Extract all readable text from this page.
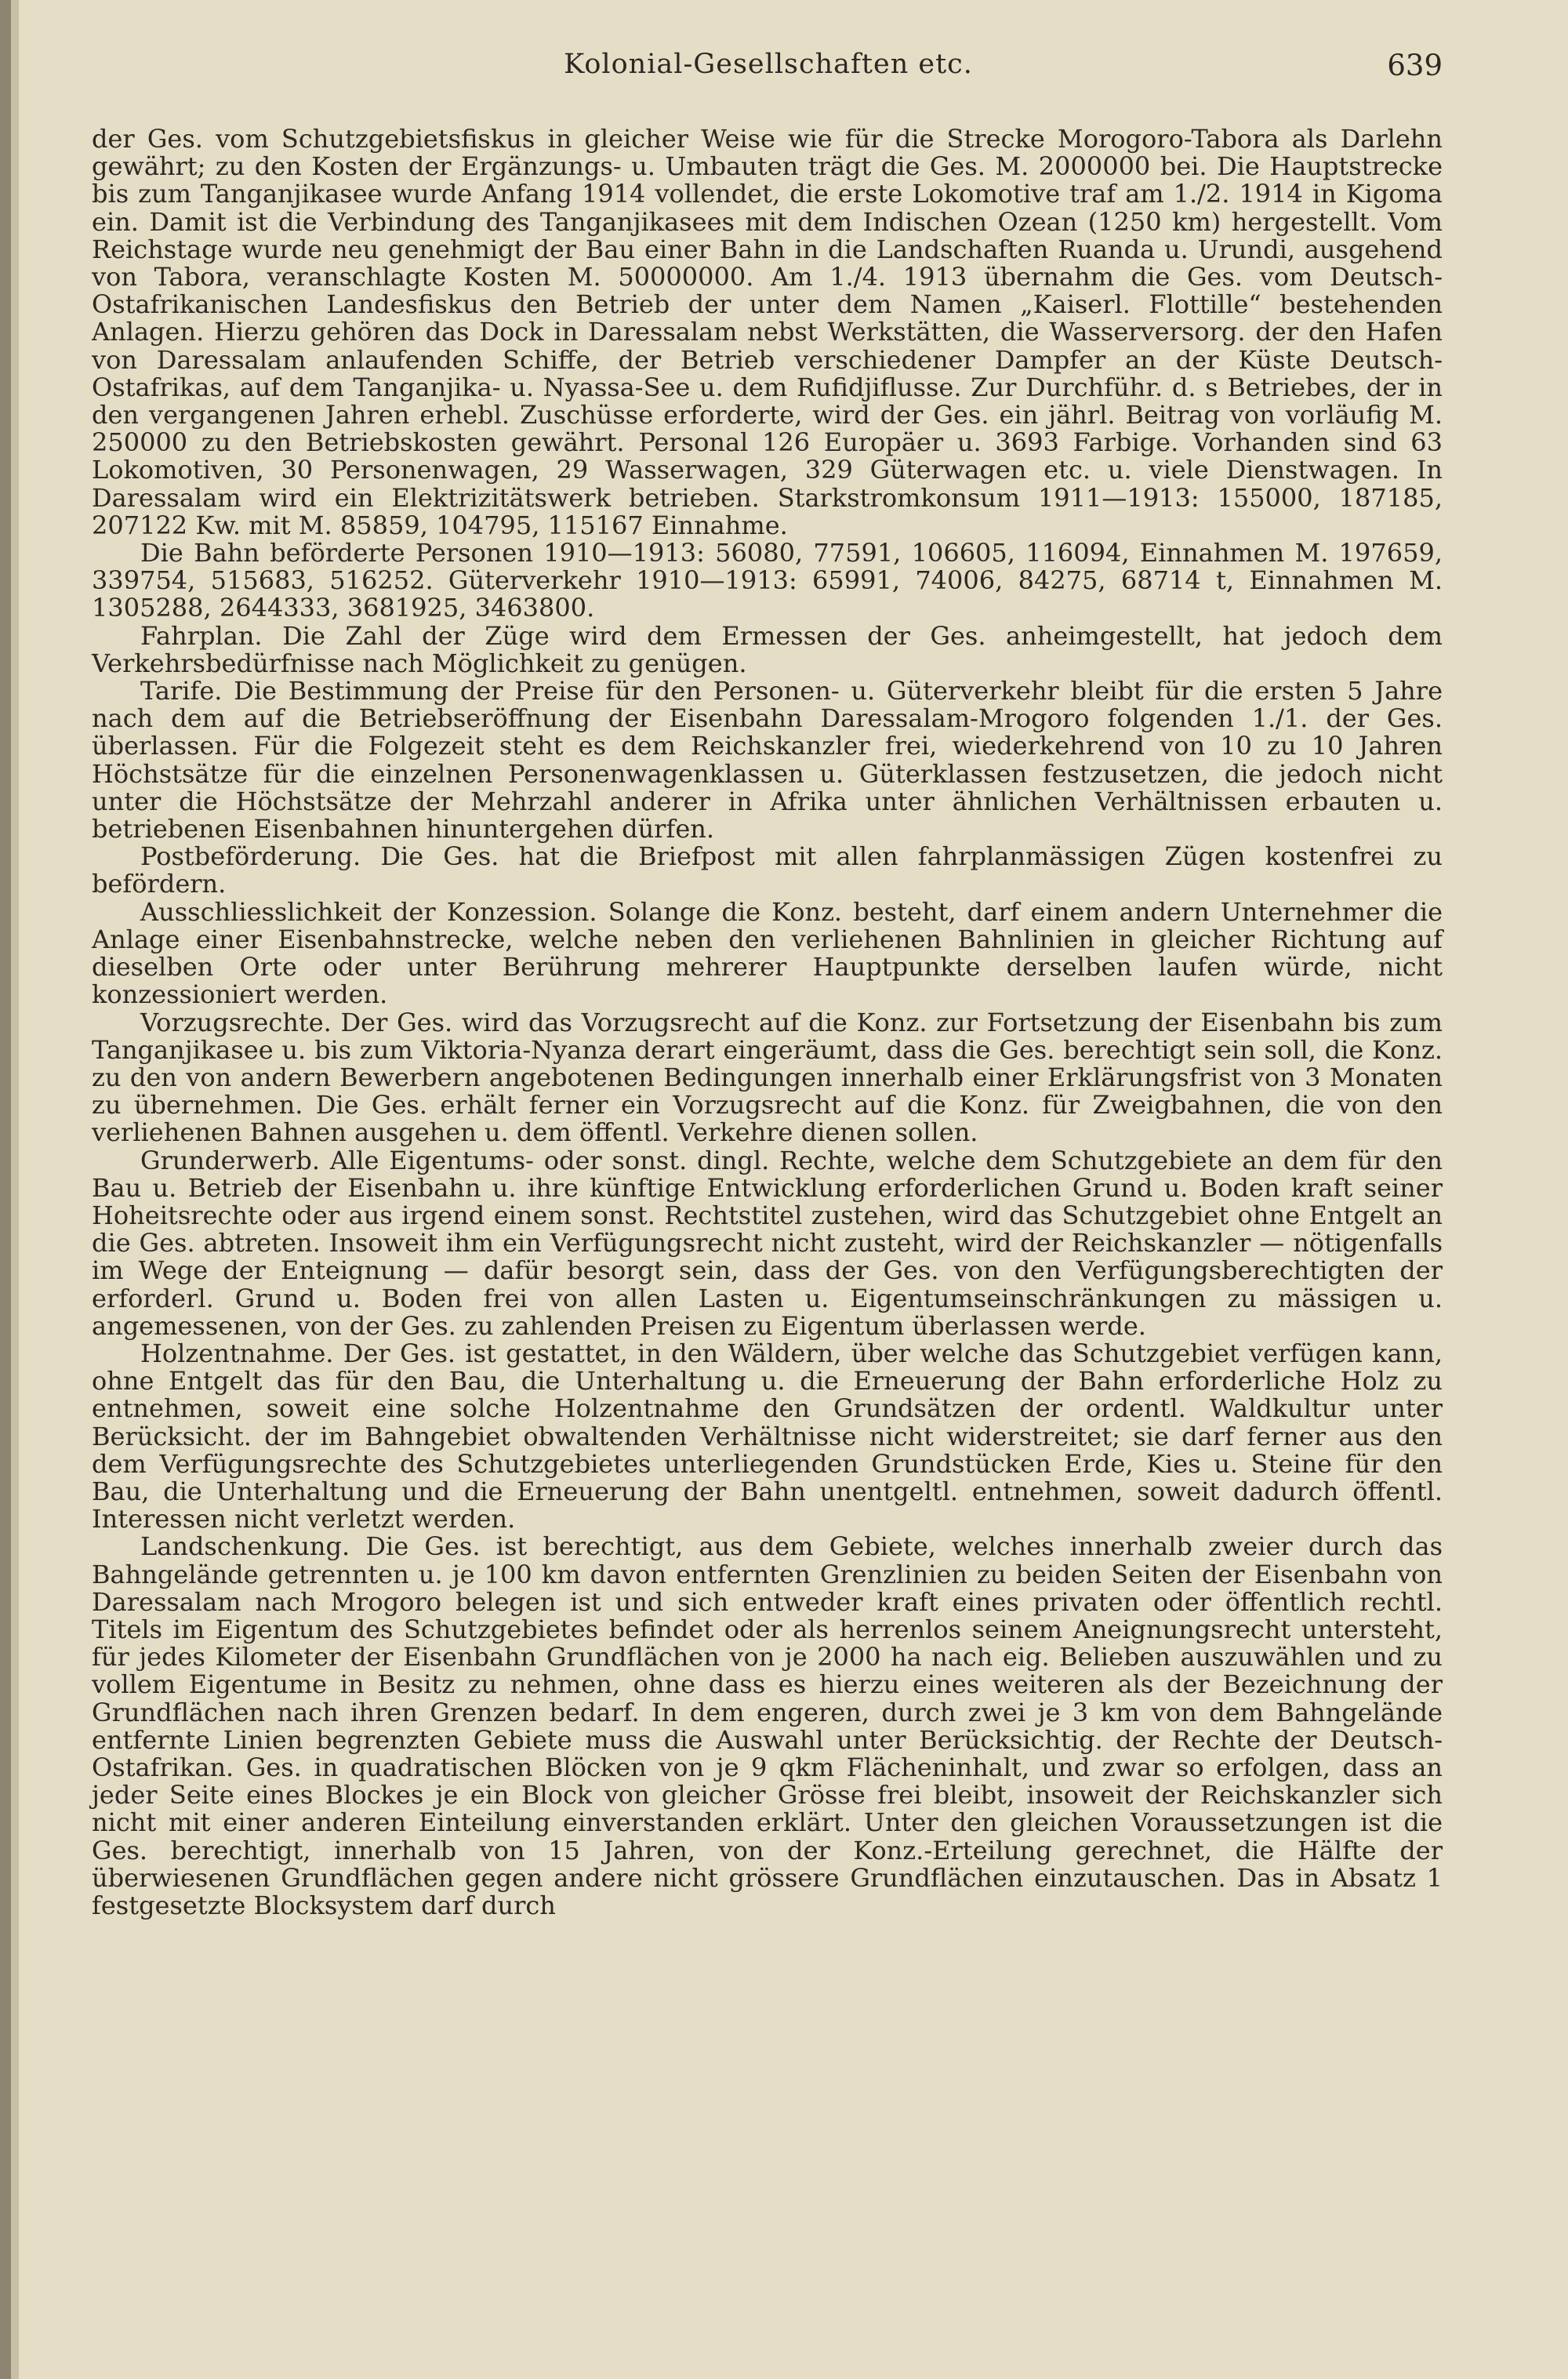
Kolonial-Gesellschaften etc.	639

der Ges. vom Schutzgebietsfiskus in gleicher Weise wie für die Strecke Morogoro-Tabora als Darlehn gewährt; zu den Kosten der Ergänzungs- u. Umbauten trägt die Ges. M. 2000000 bei. Die Hauptstrecke bis zum Tanganjikasee wurde Anfang 1914 vollendet, die erste Lokomotive traf am 1./2. 1914 in Kigoma ein. Damit ist die Verbindung des Tanganjikasees mit dem Indischen Ozean (1250 km) hergestellt. Vom Reichstage wurde neu genehmigt der Bau einer Bahn in die Landschaften Ruanda u. Urundi, ausgehend von Tabora, veranschlagte Kosten M. 50000000. Am 1./4. 1913 übernahm die Ges. vom Deutsch-Ostafrikanischen Landesfiskus den Betrieb der unter dem Namen „Kaiserl. Flottille“ bestehenden Anlagen. Hierzu gehören das Dock in Daressalam nebst Werkstätten, die Wasserversorg. der den Hafen von Daressalam anlaufenden Schiffe, der Betrieb verschiedener Dampfer an der Küste Deutsch-Ostafrikas, auf dem Tanganjika- u. Nyassa-See u. dem Rufidjiflusse. Zur Durchführ. d. s Betriebes, der in den vergangenen Jahren erhebl. Zuschüsse erforderte, wird der Ges. ein jährl. Beitrag von vorläufig M. 250000 zu den Betriebskosten gewährt. Personal 126 Europäer u. 3693 Farbige. Vorhanden sind 63 Lokomotiven, 30 Personenwagen, 29 Wasserwagen, 329 Güterwagen etc. u. viele Dienstwagen. In Daressalam wird ein Elektrizitätswerk betrieben. Starkstromkonsum 1911—1913: 155000, 187185, 207122 Kw. mit M. 85859, 104795, 115167 Einnahme.

Die Bahn beförderte Personen 1910—1913: 56080, 77591, 106605, 116094, Einnahmen M. 197659, 339754, 515683, 516252. Güterverkehr 1910—1913: 65991, 74006, 84275, 68714 t, Einnahmen M. 1305288, 2644333, 3681925, 3463800.

Fahrplan. Die Zahl der Züge wird dem Ermessen der Ges. anheimgestellt, hat jedoch dem Verkehrsbedürfnisse nach Möglichkeit zu genügen.

Tarife. Die Bestimmung der Preise für den Personen- u. Güterverkehr bleibt für die ersten 5 Jahre nach dem auf die Betriebseröffnung der Eisenbahn Daressalam-Mrogoro folgenden 1./1. der Ges. überlassen. Für die Folgezeit steht es dem Reichskanzler frei, wiederkehrend von 10 zu 10 Jahren Höchstsätze für die einzelnen Personenwagenklassen u. Güterklassen festzusetzen, die jedoch nicht unter die Höchstsätze der Mehrzahl anderer in Afrika unter ähnlichen Verhältnissen erbauten u. betriebenen Eisenbahnen hinuntergehen dürfen.

Postbeförderung. Die Ges. hat die Briefpost mit allen fahrplanmässigen Zügen kostenfrei zu befördern.

Ausschliesslichkeit der Konzession. Solange die Konz. besteht, darf einem andern Unternehmer die Anlage einer Eisenbahnstrecke, welche neben den verliehenen Bahnlinien in gleicher Richtung auf dieselben Orte oder unter Berührung mehrerer Hauptpunkte derselben laufen würde, nicht konzessioniert werden.

Vorzugsrechte. Der Ges. wird das Vorzugsrecht auf die Konz. zur Fortsetzung der Eisenbahn bis zum Tanganjikasee u. bis zum Viktoria-Nyanza derart eingeräumt, dass die Ges. berechtigt sein soll, die Konz. zu den von andern Bewerbern angebotenen Bedingungen innerhalb einer Erklärungsfrist von 3 Monaten zu übernehmen. Die Ges. erhält ferner ein Vorzugsrecht auf die Konz. für Zweigbahnen, die von den verliehenen Bahnen ausgehen u. dem öffentl. Verkehre dienen sollen.

Grunderwerb. Alle Eigentums- oder sonst. dingl. Rechte, welche dem Schutzgebiete an dem für den Bau u. Betrieb der Eisenbahn u. ihre künftige Entwicklung erforderlichen Grund u. Boden kraft seiner Hoheitsrechte oder aus irgend einem sonst. Rechtstitel zustehen, wird das Schutzgebiet ohne Entgelt an die Ges. abtreten. Insoweit ihm ein Verfügungsrecht nicht zusteht, wird der Reichskanzler — nötigenfalls im Wege der Enteignung — dafür besorgt sein, dass der Ges. von den Verfügungsberechtigten der erforderl. Grund u. Boden frei von allen Lasten u. Eigentumseinschränkungen zu mässigen u. angemessenen, von der Ges. zu zahlenden Preisen zu Eigentum überlassen werde.

Holzentnahme. Der Ges. ist gestattet, in den Wäldern, über welche das Schutzgebiet verfügen kann, ohne Entgelt das für den Bau, die Unterhaltung u. die Erneuerung der Bahn erforderliche Holz zu entnehmen, soweit eine solche Holzentnahme den Grundsätzen der ordentl. Waldkultur unter Berücksicht. der im Bahngebiet obwaltenden Verhältnisse nicht widerstreitet; sie darf ferner aus den dem Verfügungsrechte des Schutzgebietes unterliegenden Grundstücken Erde, Kies u. Steine für den Bau, die Unterhaltung und die Erneuerung der Bahn unentgeltl. entnehmen, soweit dadurch öffentl. Interessen nicht verletzt werden.

Landschenkung. Die Ges. ist berechtigt, aus dem Gebiete, welches innerhalb zweier durch das Bahngelände getrennten u. je 100 km davon entfernten Grenzlinien zu beiden Seiten der Eisenbahn von Daressalam nach Mrogoro belegen ist und sich entweder kraft eines privaten oder öffentlich rechtl. Titels im Eigentum des Schutzgebietes befindet oder als herrenlos seinem Aneignungsrecht untersteht, für jedes Kilometer der Eisenbahn Grundflächen von je 2000 ha nach eig. Belieben auszuwählen und zu vollem Eigentume in Besitz zu nehmen, ohne dass es hierzu eines weiteren als der Bezeichnung der Grundflächen nach ihren Grenzen bedarf. In dem engeren, durch zwei je 3 km von dem Bahngelände entfernte Linien begrenzten Gebiete muss die Auswahl unter Berücksichtig. der Rechte der Deutsch-Ostafrikan. Ges. in quadratischen Blöcken von je 9 qkm Flächeninhalt, und zwar so erfolgen, dass an jeder Seite eines Blockes je ein Block von gleicher Grösse frei bleibt, insoweit der Reichskanzler sich nicht mit einer anderen Einteilung einverstanden erklärt. Unter den gleichen Voraussetzungen ist die Ges. berechtigt, innerhalb von 15 Jahren, von der Konz.-Erteilung gerechnet, die Hälfte der überwiesenen Grundflächen gegen andere nicht grössere Grundflächen einzutauschen. Das in Absatz 1 festgesetzte Blocksystem darf durch
